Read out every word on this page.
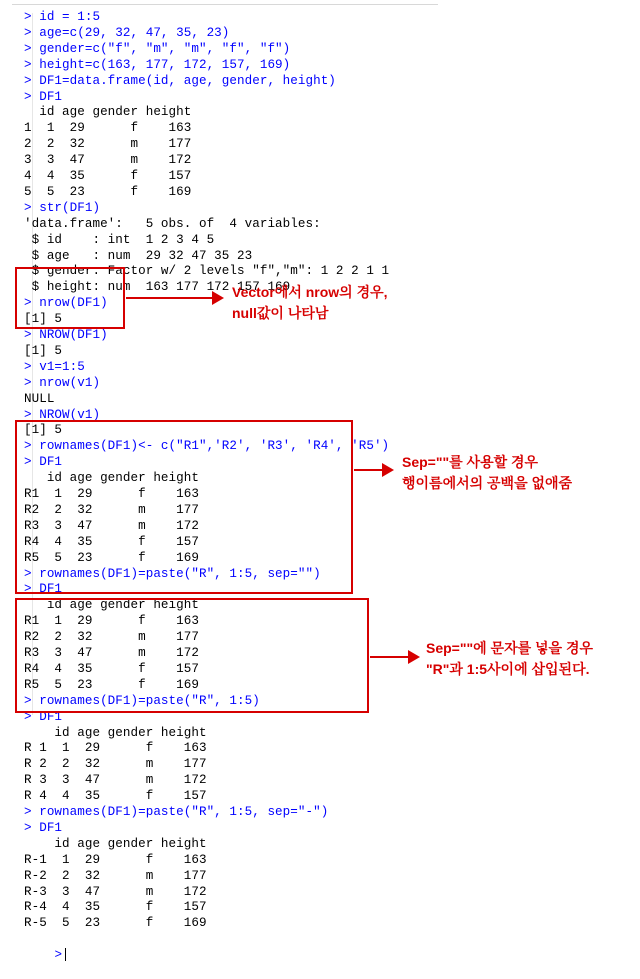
> id = 1:5
> age=c(29, 32, 47, 35, 23)
> gender=c("f", "m", "m", "f", "f")
> height=c(163, 177, 172, 157, 169)
> DF1=data.frame(id, age, gender, height)
> DF1
id age gender height
1  1  29      f    163
2  2  32      m    177
3  3  47      m    172
4  4  35      f    157
5  5  23      f    169
> str(DF1)
'data.frame':   5 obs. of  4 variables:
$ id    : int  1 2 3 4 5
$ age   : num  29 32 47 35 23
$ gender: Factor w/ 2 levels "f","m": 1 2 2 1 1
$ height: num  163 177 172 157 169
> nrow(DF1)
[1] 5
> NROW(DF1)
[1] 5
> v1=1:5
> nrow(v1)
NULL
> NROW(v1)
[1] 5
> rownames(DF1)<- c("R1",'R2', 'R3', 'R4', 'R5')
> DF1
id age gender height
R1  1  29      f    163
R2  2  32      m    177
R3  3  47      m    172
R4  4  35      f    157
R5  5  23      f    169
> rownames(DF1)=paste("R", 1:5, sep="")
> DF1
id age gender height
R1  1  29      f    163
R2  2  32      m    177
R3  3  47      m    172
R4  4  35      f    157
R5  5  23      f    169
> rownames(DF1)=paste("R", 1:5)
> DF1
id age gender height
R 1  1  29      f    163
R 2  2  32      m    177
R 3  3  47      m    172
R 4  4  35      f    157
> rownames(DF1)=paste("R", 1:5, sep="-")
> DF1
id age gender height
R-1  1  29      f    163
R-2  2  32      m    177
R-3  3  47      m    172
R-4  4  35      f    157
R-5  5  23      f    169

>

Vector에서 nrow의 경우,
null값이 나타남
Sep=""를 사용할 경우
행이름에서의 공백을 없애줌
Sep=""에 문자를 넣을 경우
"R"과 1:5사이에 삽입된다.
